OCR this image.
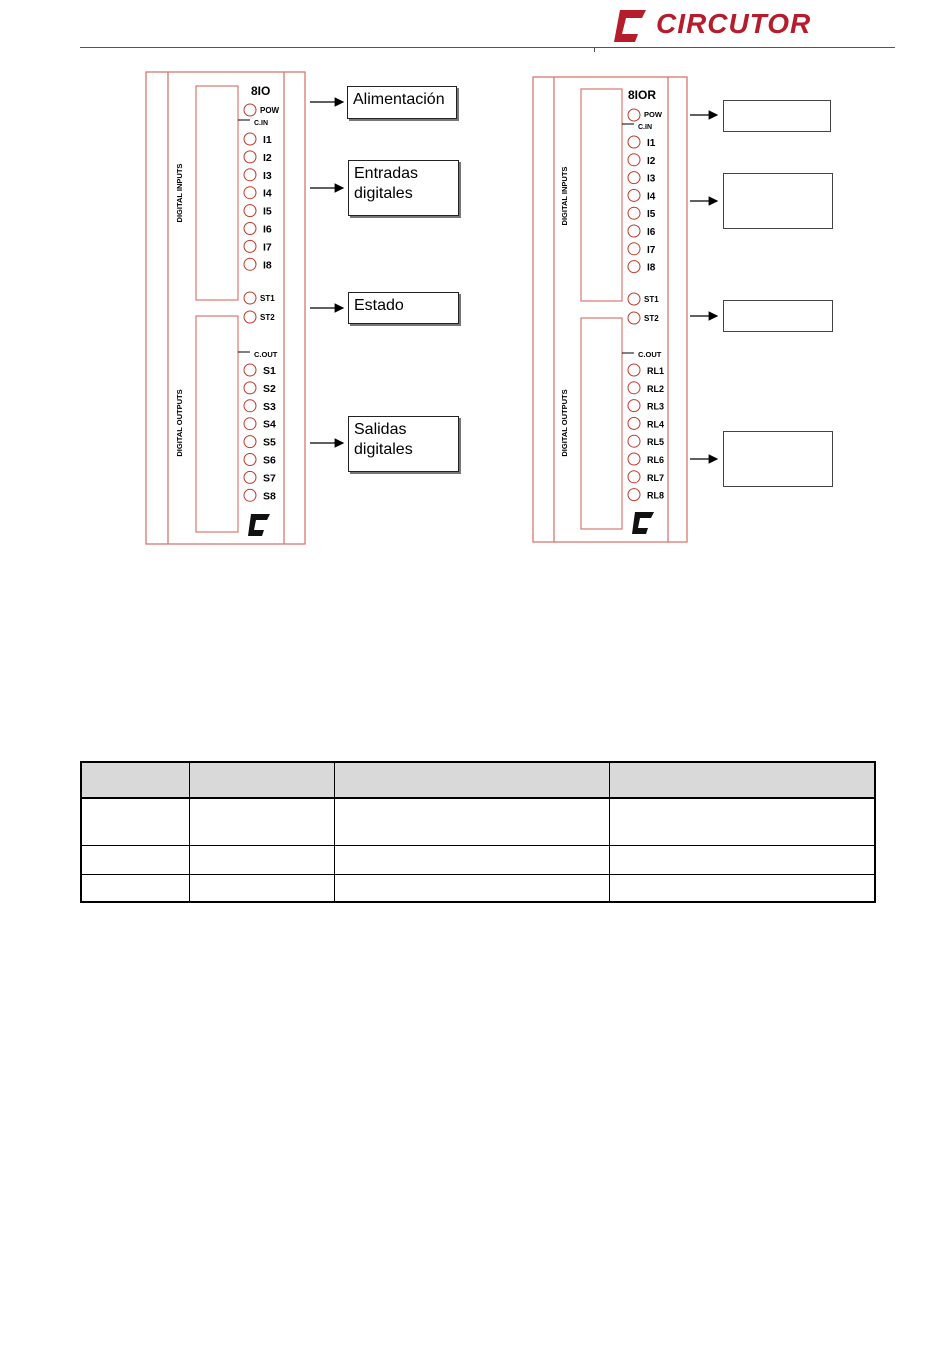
CIRCUTOR
DIGITAL INPUTS
DIGITAL OUTPUTS
8IO
POW
C.IN
I1
I2
I3
I4
I5
I6
I7
I8
ST1
ST2
C.OUT
S1
S2
S3
S4
S5
S6
S7
S8
DIGITAL INPUTS
DIGITAL OUTPUTS
8IOR
POW
C.IN
I1
I2
I3
I4
I5
I6
I7
I8
ST1
ST2
C.OUT
RL1
RL2
RL3
RL4
RL5
RL6
RL7
RL8
Alimentación
Entradas
digitales
Estado
Salidas
digitales
